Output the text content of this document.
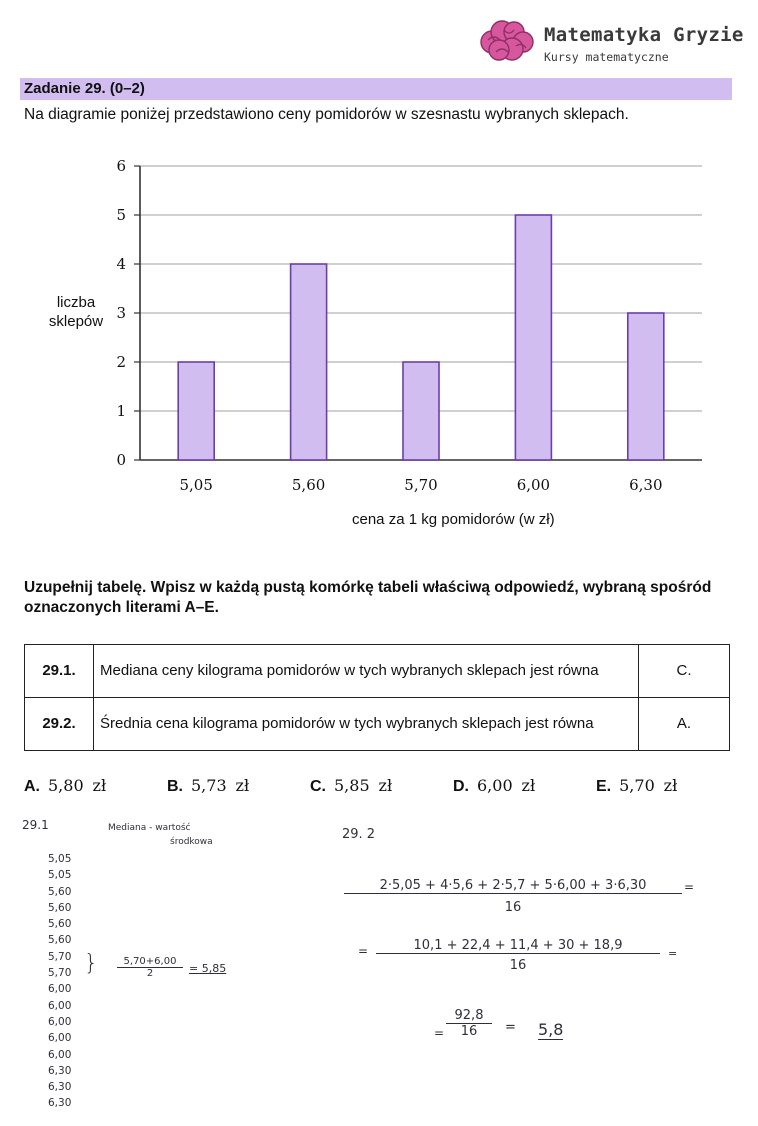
Matematyka Gryzie
Kursy matematyczne
Zadanie 29. (0–2)
Na diagramie poniżej przedstawiono ceny pomidorów w szesnastu wybranych sklepach.
0
1
2
3
4
5
6
5,05	5,60	5,70	6,00	6,30
liczba sklepów
cena za 1 kg pomidorów (w zł)
Uzupełnij tabelę. Wpisz w każdą pustą komórkę tabeli właściwą odpowiedź, wybraną spośród oznaczonych literami A–E.
29.1.	Mediana ceny kilograma pomidorów w tych wybranych sklepach jest równa	C.
29.2.	Średnia cena kilograma pomidorów w tych wybranych sklepach jest równa	A.
A. 5,80 zł	B. 5,73 zł	C. 5,85 zł	D. 6,00 zł	E. 5,70 zł
29.1	Mediana - wartość
środkowa
5,05
5,05
5,60
5,60
5,60
5,60
5,70
5,70
6,00
6,00
6,00
6,00
6,00
6,30
6,30
6,30
} $\frac{5,70+6,00}{2} = 5,85$
29. 2
$\frac{2\cdot 5,05 + 4\cdot 5,6 + 2\cdot 5,7 + 5\cdot 6,00 + 3\cdot 6,30}{16}$ =
= $\frac{10,1 + 22,4 + 11,4 + 30 + 18,9}{16}$ =
= $\frac{92,8}{16} = 5,8$
